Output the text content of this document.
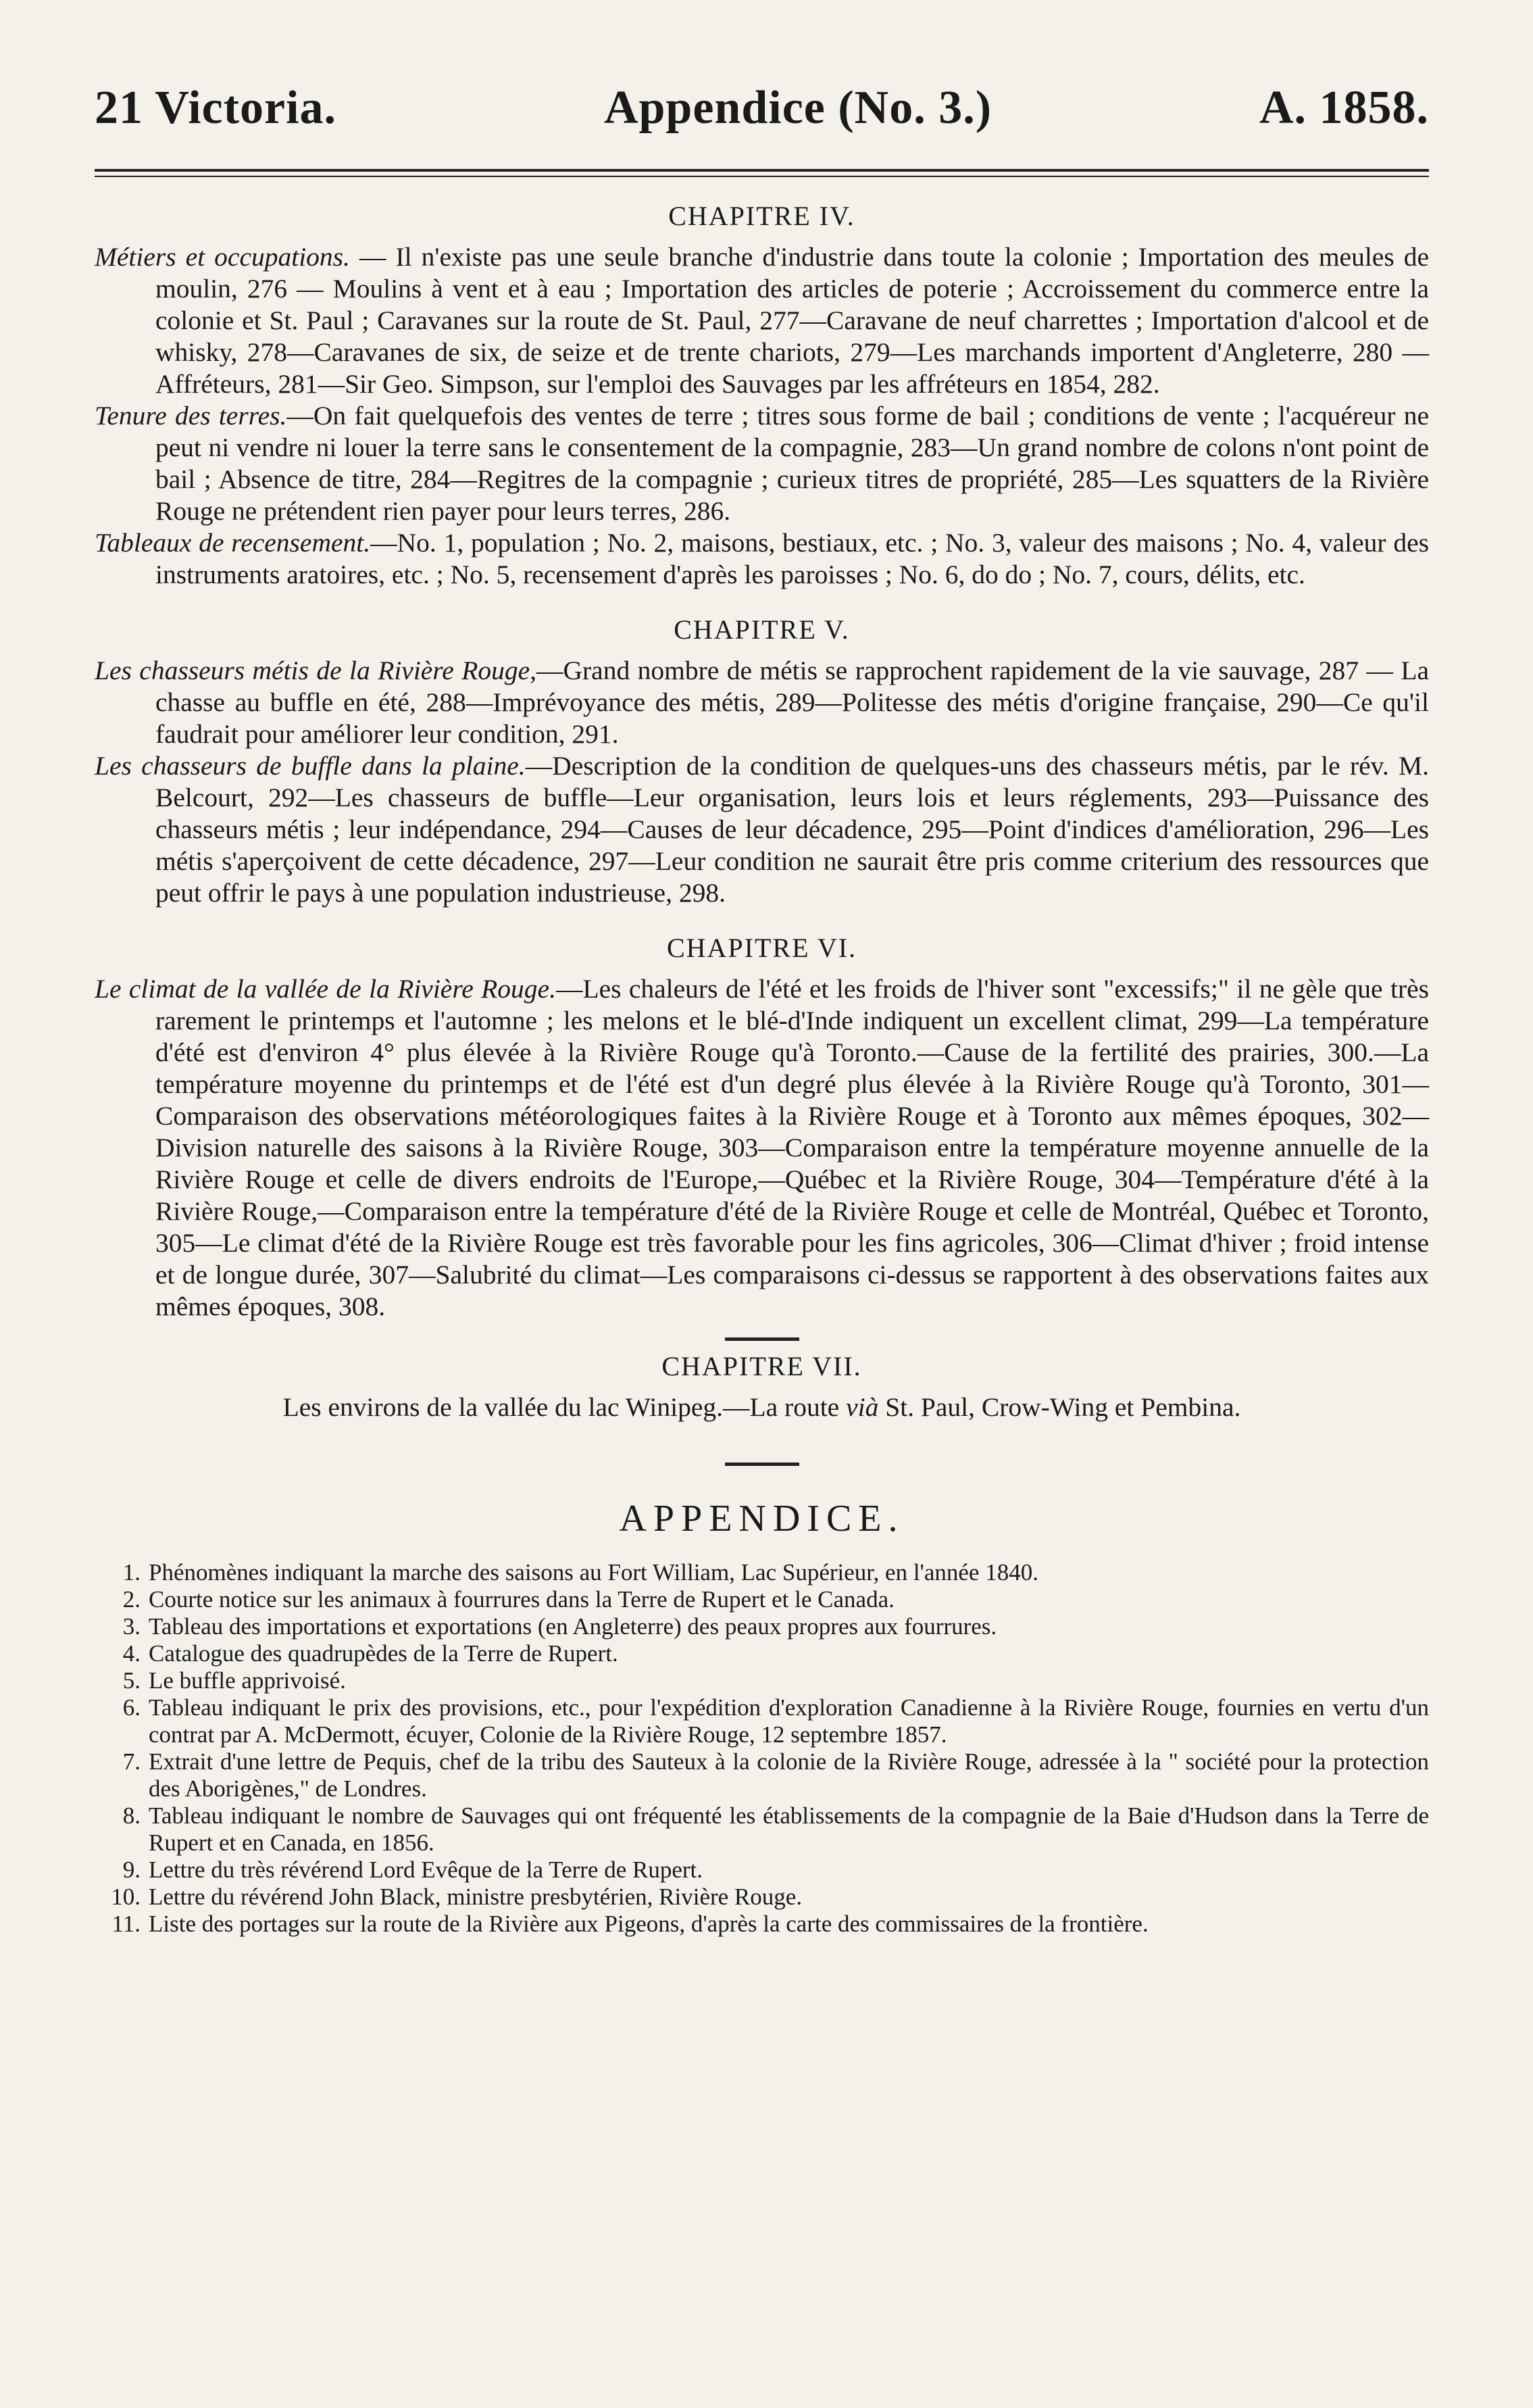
21 Victoria.	Appendice (No. 3.)	A. 1858.
CHAPITRE IV.

Métiers et occupations. — Il n'existe pas une seule branche d'industrie dans toute la colonie ; Importation des meules de moulin, 276 — Moulins à vent et à eau ; Importation des articles de poterie ; Accroissement du commerce entre la colonie et St. Paul ; Caravanes sur la route de St. Paul, 277—Caravane de neuf charrettes ; Importation d'alcool et de whisky, 278—Caravanes de six, de seize et de trente chariots, 279—Les marchands importent d'Angleterre, 280 —Affréteurs, 281—Sir Geo. Simpson, sur l'emploi des Sauvages par les affréteurs en 1854, 282.

Tenure des terres.—On fait quelquefois des ventes de terre ; titres sous forme de bail ; conditions de vente ; l'acquéreur ne peut ni vendre ni louer la terre sans le consentement de la compagnie, 283—Un grand nombre de colons n'ont point de bail ; Absence de titre, 284—Regitres de la compagnie ; curieux titres de propriété, 285—Les squatters de la Rivière Rouge ne prétendent rien payer pour leurs terres, 286.

Tableaux de recensement.—No. 1, population ; No. 2, maisons, bestiaux, etc. ; No. 3, valeur des maisons ; No. 4, valeur des instruments aratoires, etc. ; No. 5, recensement d'après les paroisses ; No. 6, do do ; No. 7, cours, délits, etc.

CHAPITRE V.

Les chasseurs métis de la Rivière Rouge,—Grand nombre de métis se rapprochent rapidement de la vie sauvage, 287 — La chasse au buffle en été, 288—Imprévoyance des métis, 289—Politesse des métis d'origine française, 290—Ce qu'il faudrait pour améliorer leur condition, 291.

Les chasseurs de buffle dans la plaine.—Description de la condition de quelques-uns des chasseurs métis, par le rév. M. Belcourt, 292—Les chasseurs de buffle—Leur organisation, leurs lois et leurs réglements, 293—Puissance des chasseurs métis ; leur indépendance, 294—Causes de leur décadence, 295—Point d'indices d'amélioration, 296—Les métis s'aperçoivent de cette décadence, 297—Leur condition ne saurait être pris comme criterium des ressources que peut offrir le pays à une population industrieuse, 298.

CHAPITRE VI.

Le climat de la vallée de la Rivière Rouge.—Les chaleurs de l'été et les froids de l'hiver sont "excessifs;" il ne gèle que très rarement le printemps et l'automne ; les melons et le blé-d'Inde indiquent un excellent climat, 299—La température d'été est d'environ 4° plus élevée à la Rivière Rouge qu'à Toronto.—Cause de la fertilité des prairies, 300.—La température moyenne du printemps et de l'été est d'un degré plus élevée à la Rivière Rouge qu'à Toronto, 301—Comparaison des observations météorologiques faites à la Rivière Rouge et à Toronto aux mêmes époques, 302—Division naturelle des saisons à la Rivière Rouge, 303—Comparaison entre la température moyenne annuelle de la Rivière Rouge et celle de divers endroits de l'Europe,—Québec et la Rivière Rouge, 304—Température d'été à la Rivière Rouge,—Comparaison entre la température d'été de la Rivière Rouge et celle de Montréal, Québec et Toronto, 305—Le climat d'été de la Rivière Rouge est très favorable pour les fins agricoles, 306—Climat d'hiver ; froid intense et de longue durée, 307—Salubrité du climat—Les comparaisons ci-dessus se rapportent à des observations faites aux mêmes époques, 308.

CHAPITRE VII.

Les environs de la vallée du lac Winipeg.—La route vià St. Paul, Crow-Wing et Pembina.

APPENDICE.
1. Phénomènes indiquant la marche des saisons au Fort William, Lac Supérieur, en l'année 1840.
2. Courte notice sur les animaux à fourrures dans la Terre de Rupert et le Canada.
3. Tableau des importations et exportations (en Angleterre) des peaux propres aux fourrures.
4. Catalogue des quadrupèdes de la Terre de Rupert.
5. Le buffle apprivoisé.
6. Tableau indiquant le prix des provisions, etc., pour l'expédition d'exploration Canadienne à la Rivière Rouge, fournies en vertu d'un contrat par A. McDermott, écuyer, Colonie de la Rivière Rouge, 12 septembre 1857.
7. Extrait d'une lettre de Pequis, chef de la tribu des Sauteux à la colonie de la Rivière Rouge, adressée à la " société pour la protection des Aborigènes," de Londres.
8. Tableau indiquant le nombre de Sauvages qui ont fréquenté les établissements de la compagnie de la Baie d'Hudson dans la Terre de Rupert et en Canada, en 1856.
9. Lettre du très révérend Lord Evêque de la Terre de Rupert.
10. Lettre du révérend John Black, ministre presbytérien, Rivière Rouge.
11. Liste des portages sur la route de la Rivière aux Pigeons, d'après la carte des commissaires de la frontière.
